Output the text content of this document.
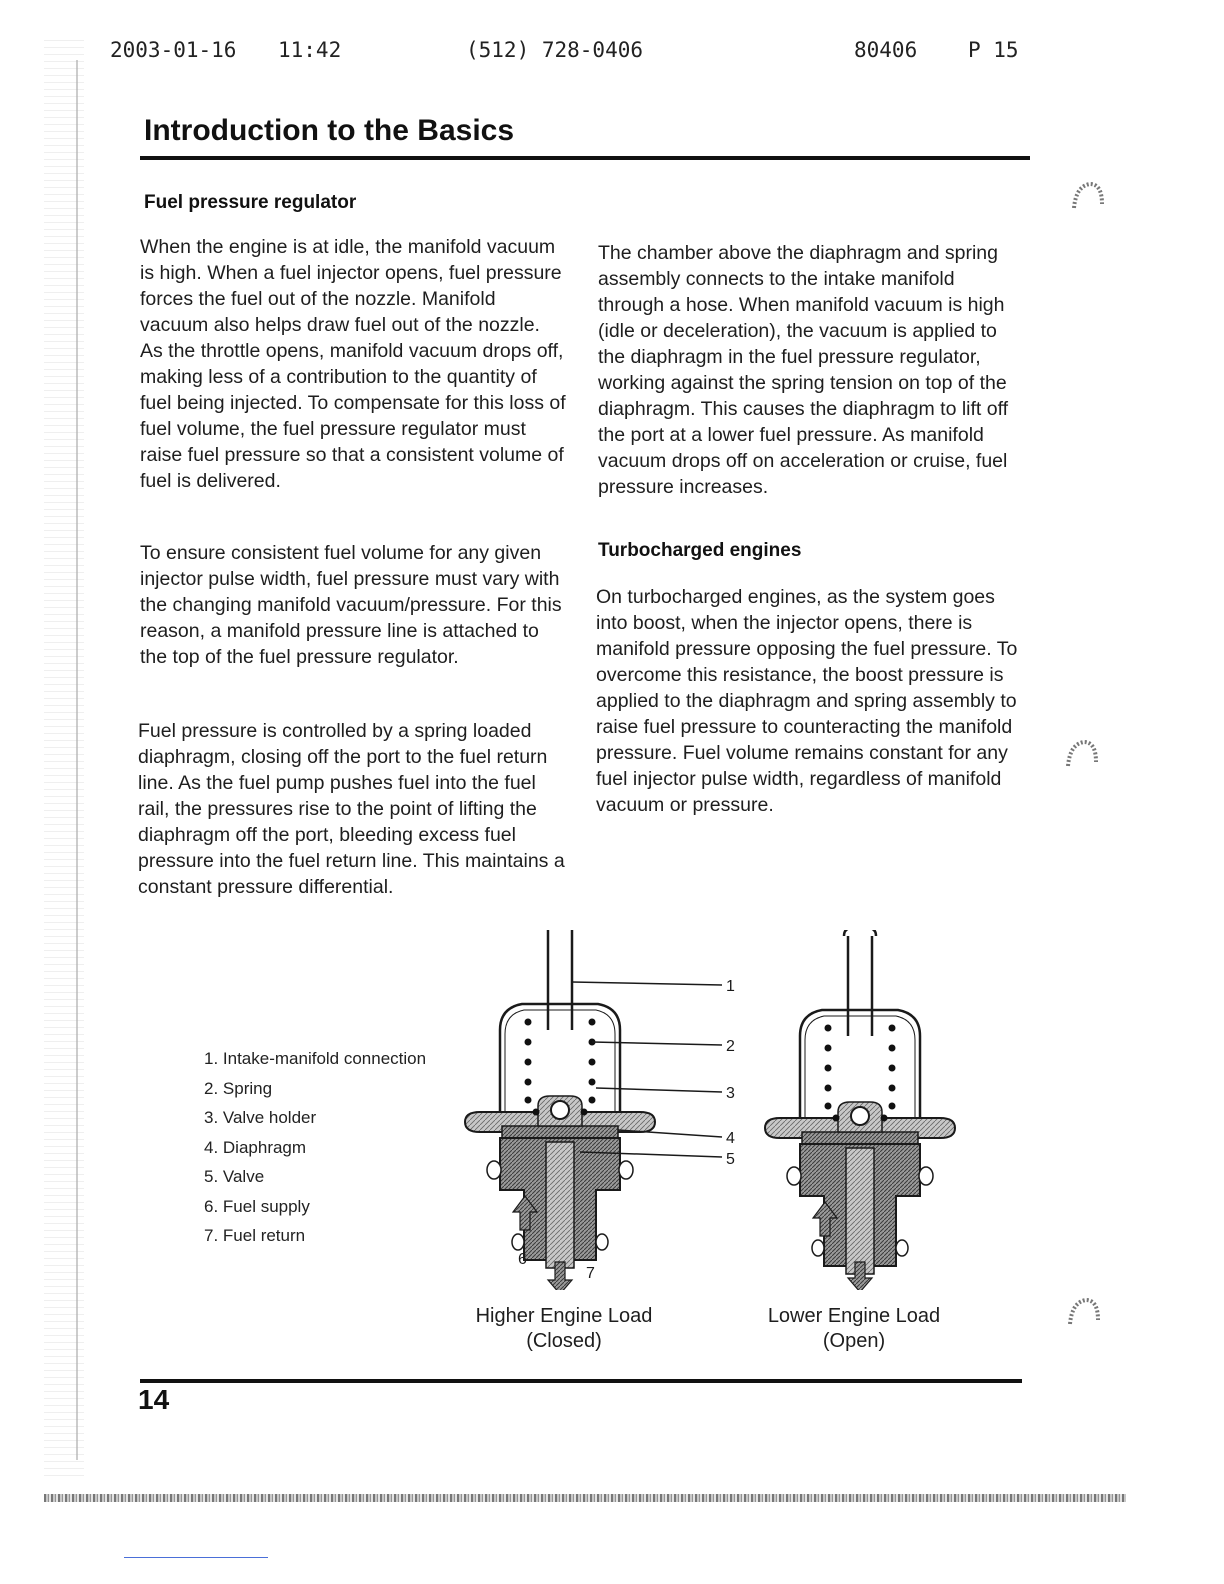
2003-01-16 11:42	(512) 728-0406	80406 P 15
Introduction to the Basics
Fuel pressure regulator

When the engine is at idle, the manifold vacuum is high. When a fuel injector opens, fuel pressure forces the fuel out of the nozzle. Manifold vacuum also helps draw fuel out of the nozzle. As the throttle opens, manifold vacuum drops off, making less of a contribution to the quantity of fuel being injected. To compensate for this loss of fuel volume, the fuel pressure regulator must raise fuel pressure so that a consistent volume of fuel is delivered.

To ensure consistent fuel volume for any given injector pulse width, fuel pressure must vary with the changing manifold vacuum/pressure. For this reason, a manifold pressure line is attached to the top of the fuel pressure regulator.

Fuel pressure is controlled by a spring loaded diaphragm, closing off the port to the fuel return line. As the fuel pump pushes fuel into the fuel rail, the pressures rise to the point of lifting the diaphragm off the port, bleeding excess fuel pressure into the fuel return line. This maintains a constant pressure differential.

The chamber above the diaphragm and spring assembly connects to the intake manifold through a hose. When manifold vacuum is high (idle or deceleration), the vacuum is applied to the diaphragm in the fuel pressure regulator, working against the spring tension on top of the diaphragm. This causes the diaphragm to lift off the port at a lower fuel pressure. As manifold vacuum drops off on acceleration or cruise, fuel pressure increases.

Turbocharged engines

On turbocharged engines, as the system goes into boost, when the injector opens, there is manifold pressure opposing the fuel pressure. To overcome this resistance, the boost pressure is applied to the diaphragm and spring assembly to raise fuel pressure to counteracting the manifold pressure. Fuel volume remains constant for any fuel injector pulse width, regardless of manifold vacuum or pressure.

1. Intake-manifold connection
2. Spring
3. Valve holder
4. Diaphragm
5. Valve
6. Fuel supply
7. Fuel return
1
2
3
4
5
6
7
Higher Engine Load
(Closed)
Lower Engine Load
(Open)
14
